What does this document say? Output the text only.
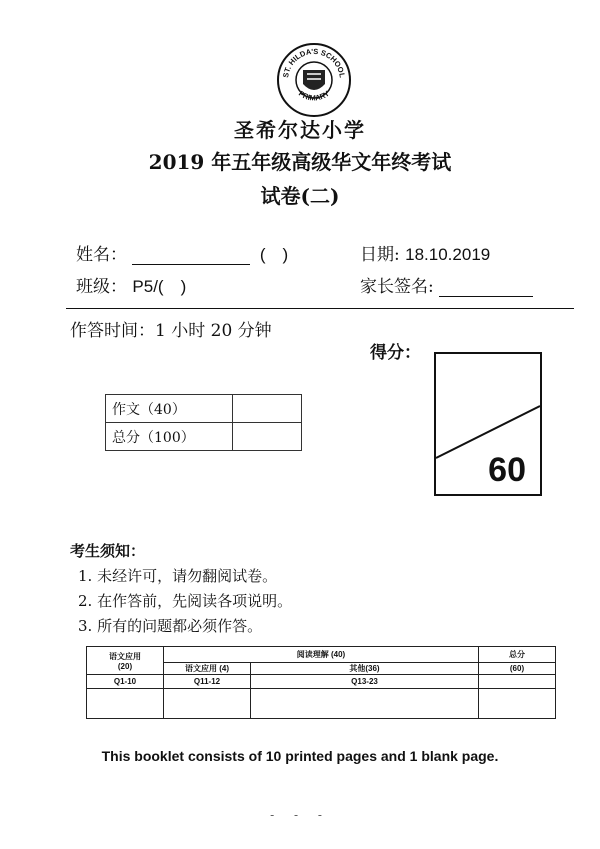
ST. HILDA'S SCHOOL
PRIMARY
圣希尔达小学
2019 年五年级高级华文年终考试
试卷(二)
姓名：	(　)	日期: 18.10.2019
班级： P5/(　)	家长签名:
作答时间：1 小时 20 分钟
得分：
作文（40）	
总分（100）	
60
考生须知：
1. 未经许可，请勿翻阅试卷。
2. 在作答前，先阅读各项说明。
3. 所有的问题都必须作答。
语文应用
(20)	阅读理解 (40)		总分
	语文应用 (4)	其他(36)	(60)
Q1-10	Q11-12	Q13-23	

This booklet consists of 10 printed pages and 1 blank page.
- - -
